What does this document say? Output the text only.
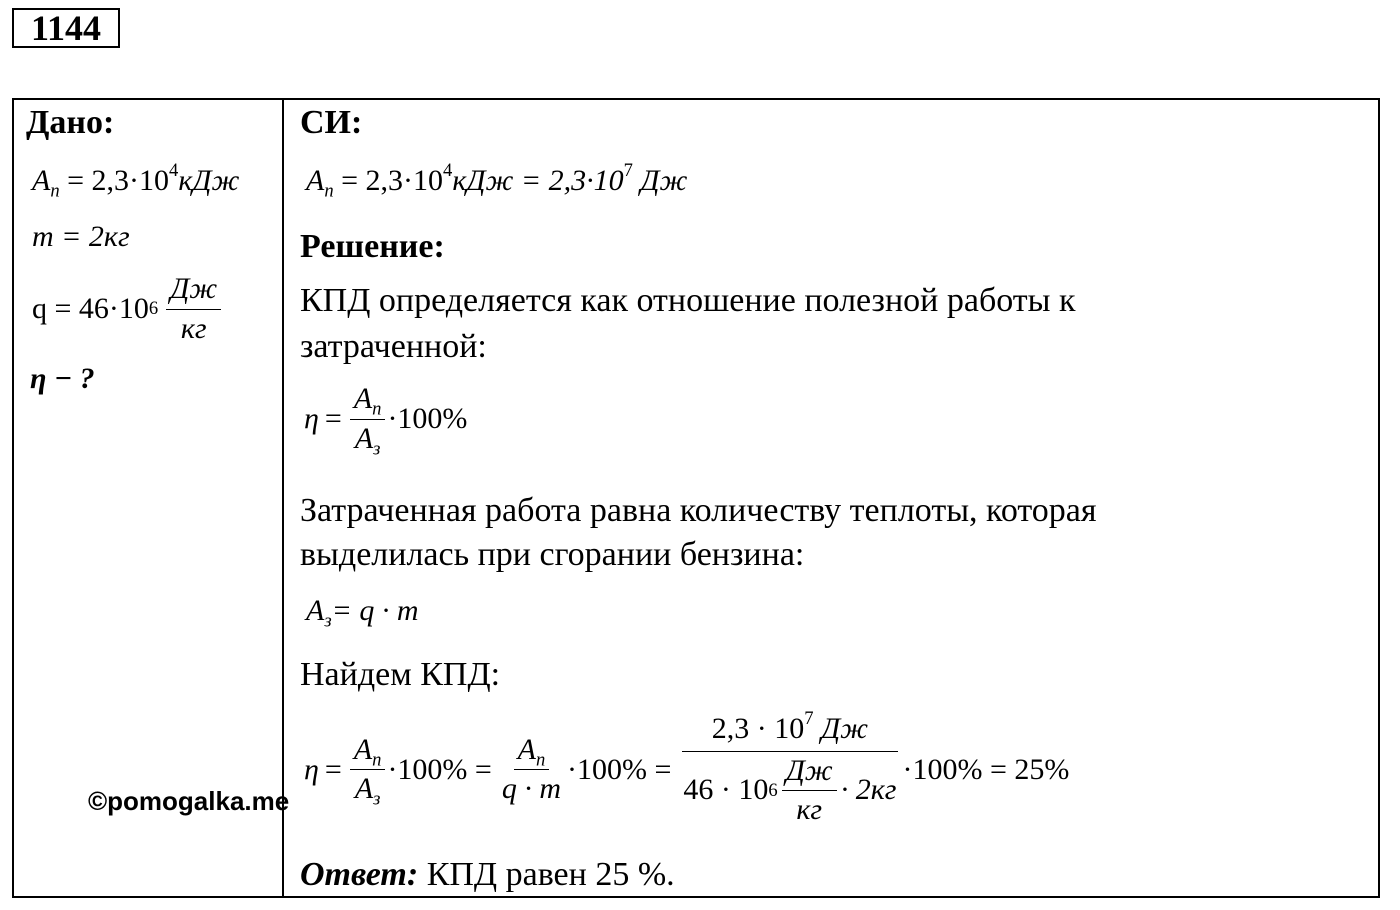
1144
Дано:
$A_п = 2,3\cdot 10^4кДж$
m = 2кг
q = 46·10 $6 \frac{Дж}{кг}$
η − ?
СИ:
$A_п = 2,3\cdot 10^4кДж = 2,3\cdot 10^7$ Дж
Решение:
КПД определяется как отношение полезной работы к
затраченной:
$\eta = \frac{A_п}{A_з} \cdot 100\%$
Затраченная работа равна количеству теплоты, которая
выделилась при сгорании бензина:
$A_з= q \cdot m$
Найдем КПД:
$\eta = \frac{A_п}{A_з} \cdot 100\% = \frac{A_п}{q \cdot m} \cdot 100\% = \frac{2,3 \cdot 10^7 Дж}{46 \cdot 10 6 \frac{Дж}{кг} \cdot 2кг} \cdot 100\% = 25\%$
Ответ: КПД равен 25 %.
©pomogalka.me
